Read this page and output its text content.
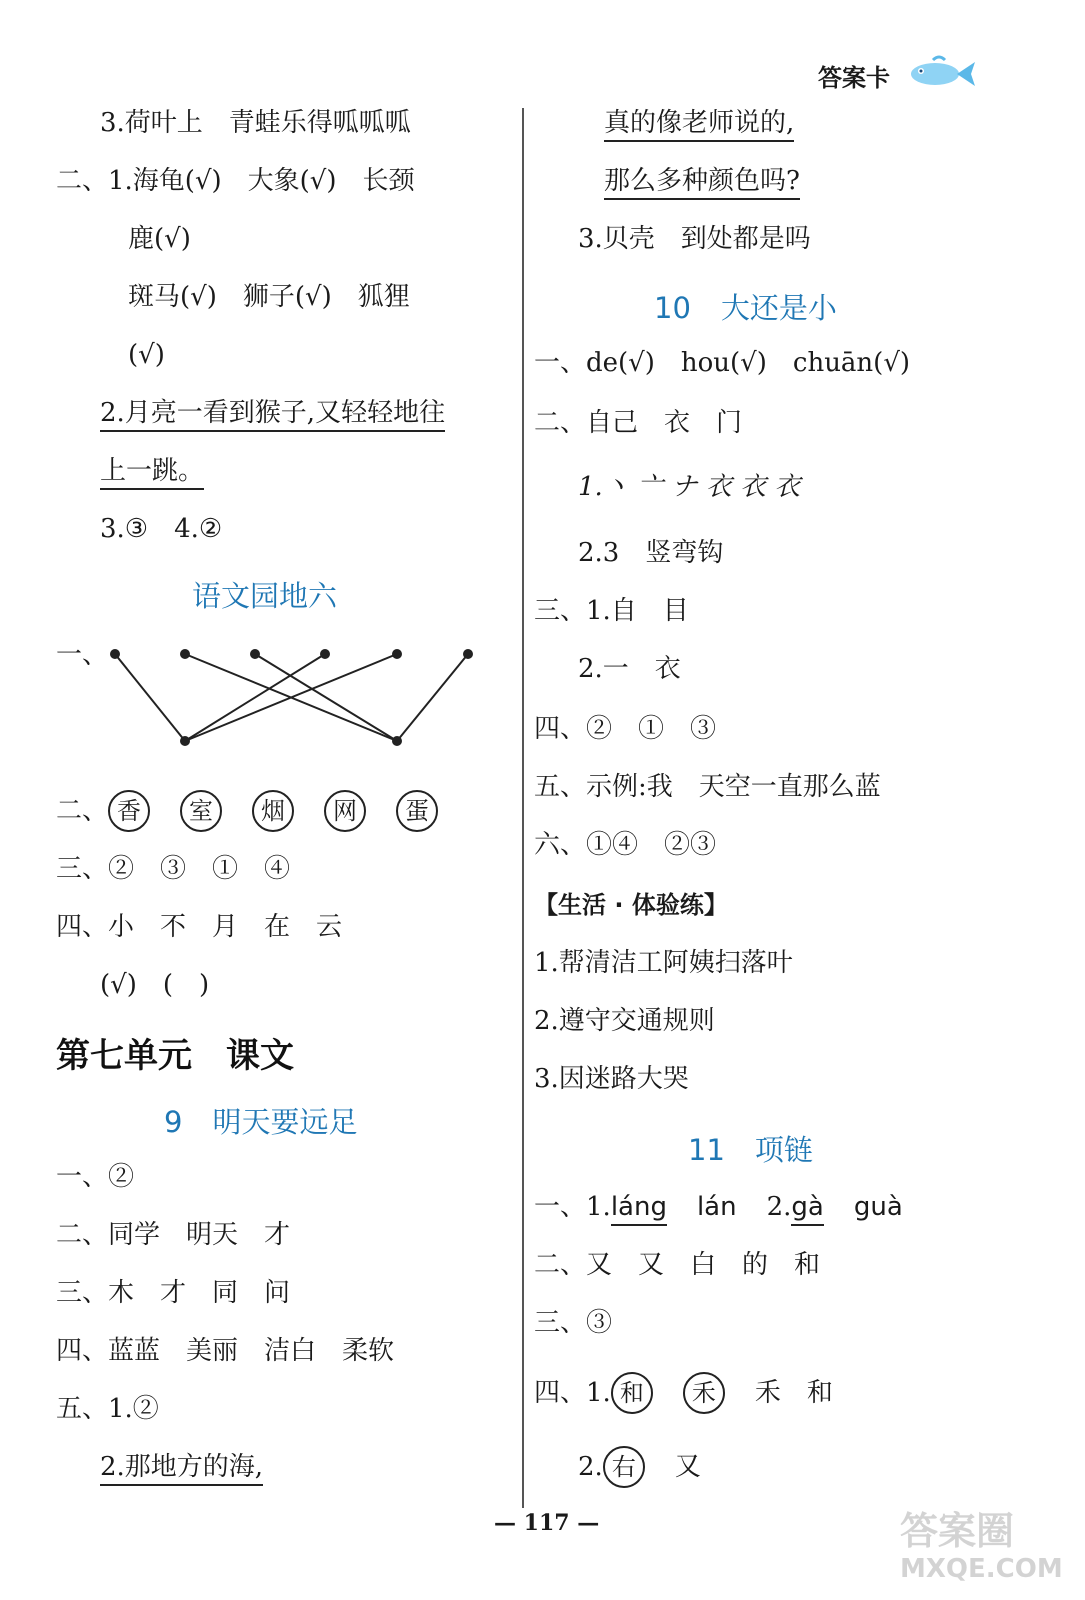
答案卡
3.荷叶上　青蛙乐得呱呱呱
二、1.海龟(√)　大象(√)　长颈
鹿(√)
斑马(√)　狮子(√)　狐狸
(√)
2.月亮一看到猴子,又轻轻地往
上一跳。
3.③　4.②
语文园地六
一、
二、 香 室 烟 网 蛋
三、②　③　①　④
四、小　不　月　在　云
(√)　(　)
第七单元　课文
9 明天要远足
一、②
二、同学　明天　才
三、木　才　同　问
四、蓝蓝　美丽　洁白　柔软
五、1.②
2.那地方的海,
真的像老师说的,
那么多种颜色吗?
3.贝壳　到处都是吗
10 大还是小
一、de(√)　hou(√)　chuān(√)
二、自己　衣　门
1.丶 亠 ナ 衣 衣 衣
2.3　竖弯钩
三、1.自　目
2.一　衣
四、②　①　③
五、示例:我　天空一直那么蓝
六、①④　②③
【生活 · 体验练】
1.帮清洁工阿姨扫落叶
2.遵守交通规则
3.因迷路大哭
11 项链
一、1.láng lán 2.gà guà
二、又　又　白　的　和
三、③
四、1. 和 禾 禾　和
2. 右 又
— 117 —	答案圈
MXQE.COM
